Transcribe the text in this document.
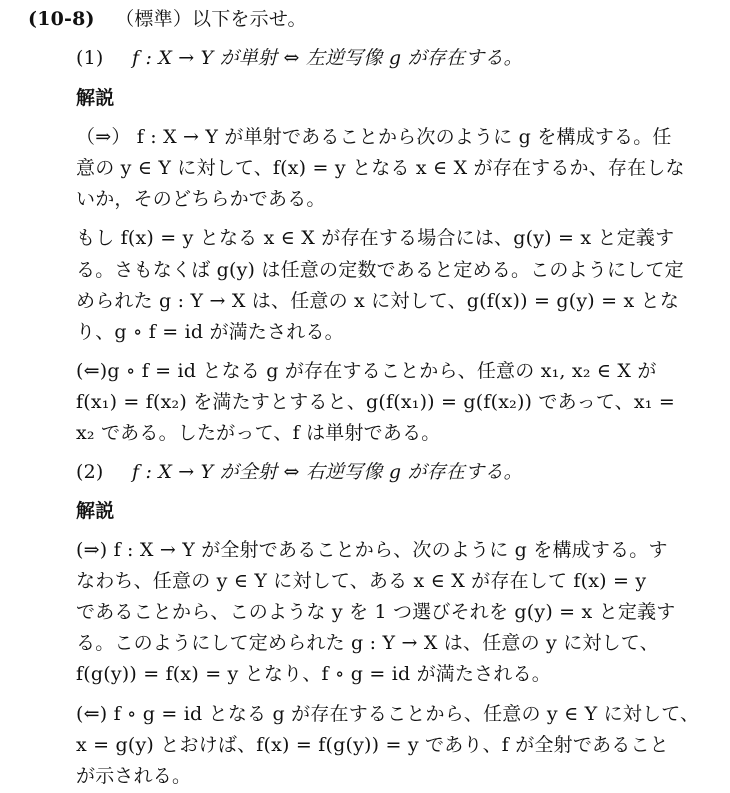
(10-8) （標準）以下を示せ。
(1) f : X → Y が単射 ⇔ 左逆写像 g が存在する。
解説
（⇒） f : X → Y が単射であることから次のように g を構成する。任
意の y ∈ Y に対して、f(x) = y となる x ∈ X が存在するか、存在しな
いか，そのどちらかである。
もし f(x) = y となる x ∈ X が存在する場合には、g(y) = x と定義す
る。さもなくば g(y) は任意の定数であると定める。このようにして定
められた g : Y → X は、任意の x に対して、g(f(x)) = g(y) = x とな
り、g ∘ f = id が満たされる。
(⇐)g ∘ f = id となる g が存在することから、任意の x₁, x₂ ∈ X が
f(x₁) = f(x₂) を満たすとすると、g(f(x₁)) = g(f(x₂)) であって、x₁ =
x₂ である。したがって、f は単射である。
(2) f : X → Y が全射 ⇔ 右逆写像 g が存在する。
解説
(⇒) f : X → Y が全射であることから、次のように g を構成する。す
なわち、任意の y ∈ Y に対して、ある x ∈ X が存在して f(x) = y
であることから、このような y を 1 つ選びそれを g(y) = x と定義す
る。このようにして定められた g : Y → X は、任意の y に対して、
f(g(y)) = f(x) = y となり、f ∘ g = id が満たされる。
(⇐) f ∘ g = id となる g が存在することから、任意の y ∈ Y に対して、
x = g(y) とおけば、f(x) = f(g(y)) = y であり、f が全射であること
が示される。
